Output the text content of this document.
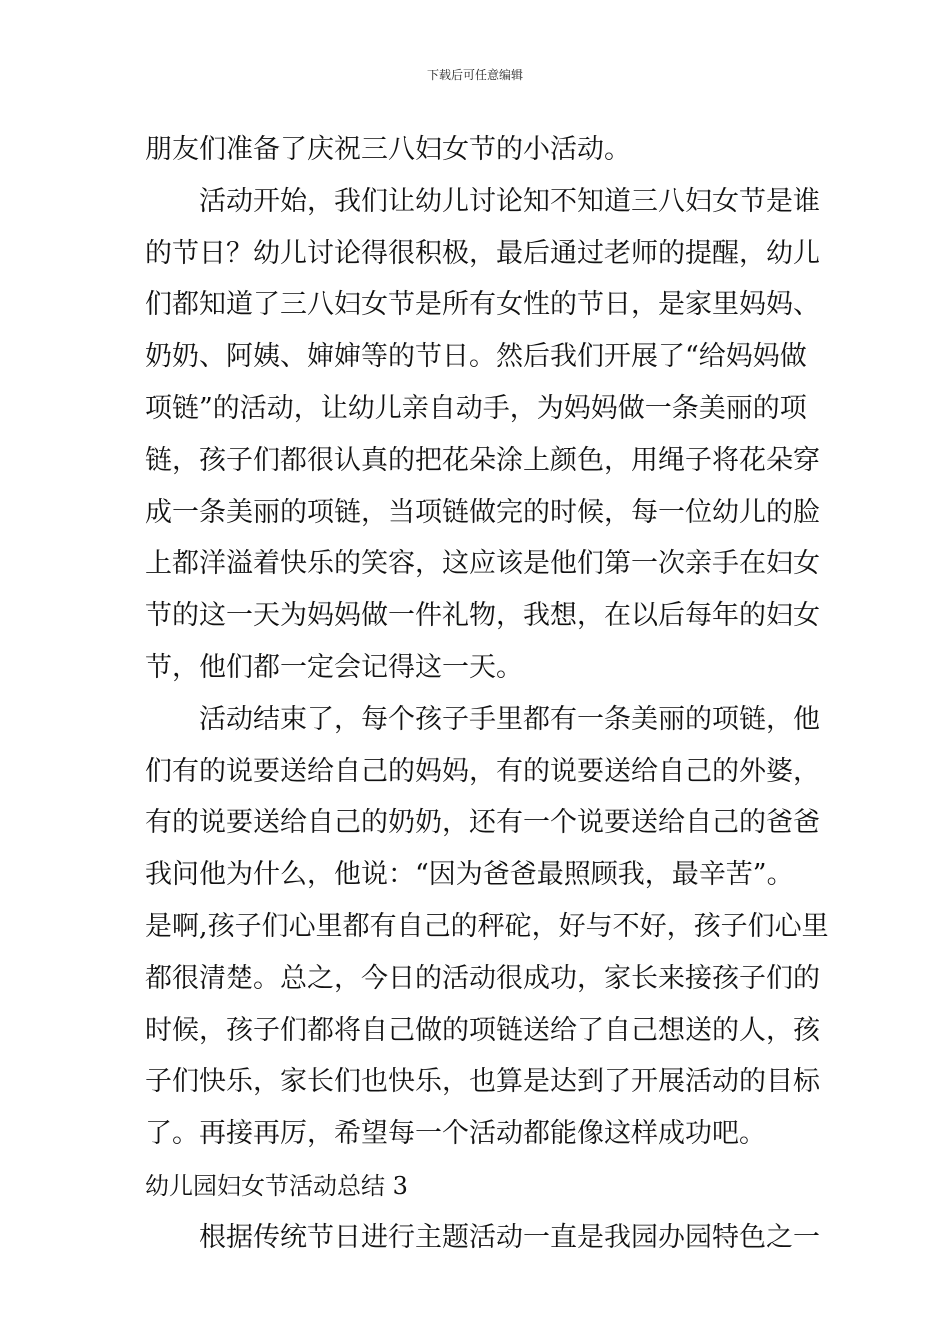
下载后可任意编辑
朋友们准备了庆祝三八妇女节的小活动。
活动开始，我们让幼儿讨论知不知道三八妇女节是谁
的节日？幼儿讨论得很积极，最后通过老师的提醒，幼儿
们都知道了三八妇女节是所有女性的节日，是家里妈妈、
奶奶、阿姨、婶婶等的节日。然后我们开展了“给妈妈做
项链”的活动，让幼儿亲自动手，为妈妈做一条美丽的项
链，孩子们都很认真的把花朵涂上颜色，用绳子将花朵穿
成一条美丽的项链，当项链做完的时候，每一位幼儿的脸
上都洋溢着快乐的笑容，这应该是他们第一次亲手在妇女
节的这一天为妈妈做一件礼物，我想，在以后每年的妇女
节，他们都一定会记得这一天。
活动结束了，每个孩子手里都有一条美丽的项链，他
们有的说要送给自己的妈妈，有的说要送给自己的外婆，
有的说要送给自己的奶奶，还有一个说要送给自己的爸爸
我问他为什么，他说：“因为爸爸最照顾我，最辛苦”。
是啊,孩子们心里都有自己的秤砣，好与不好，孩子们心里
都很清楚。总之，今日的活动很成功，家长来接孩子们的
时候，孩子们都将自己做的项链送给了自己想送的人，孩
子们快乐，家长们也快乐，也算是达到了开展活动的目标
了。再接再厉，希望每一个活动都能像这样成功吧。
幼儿园妇女节活动总结 3
根据传统节日进行主题活动一直是我园办园特色之一
